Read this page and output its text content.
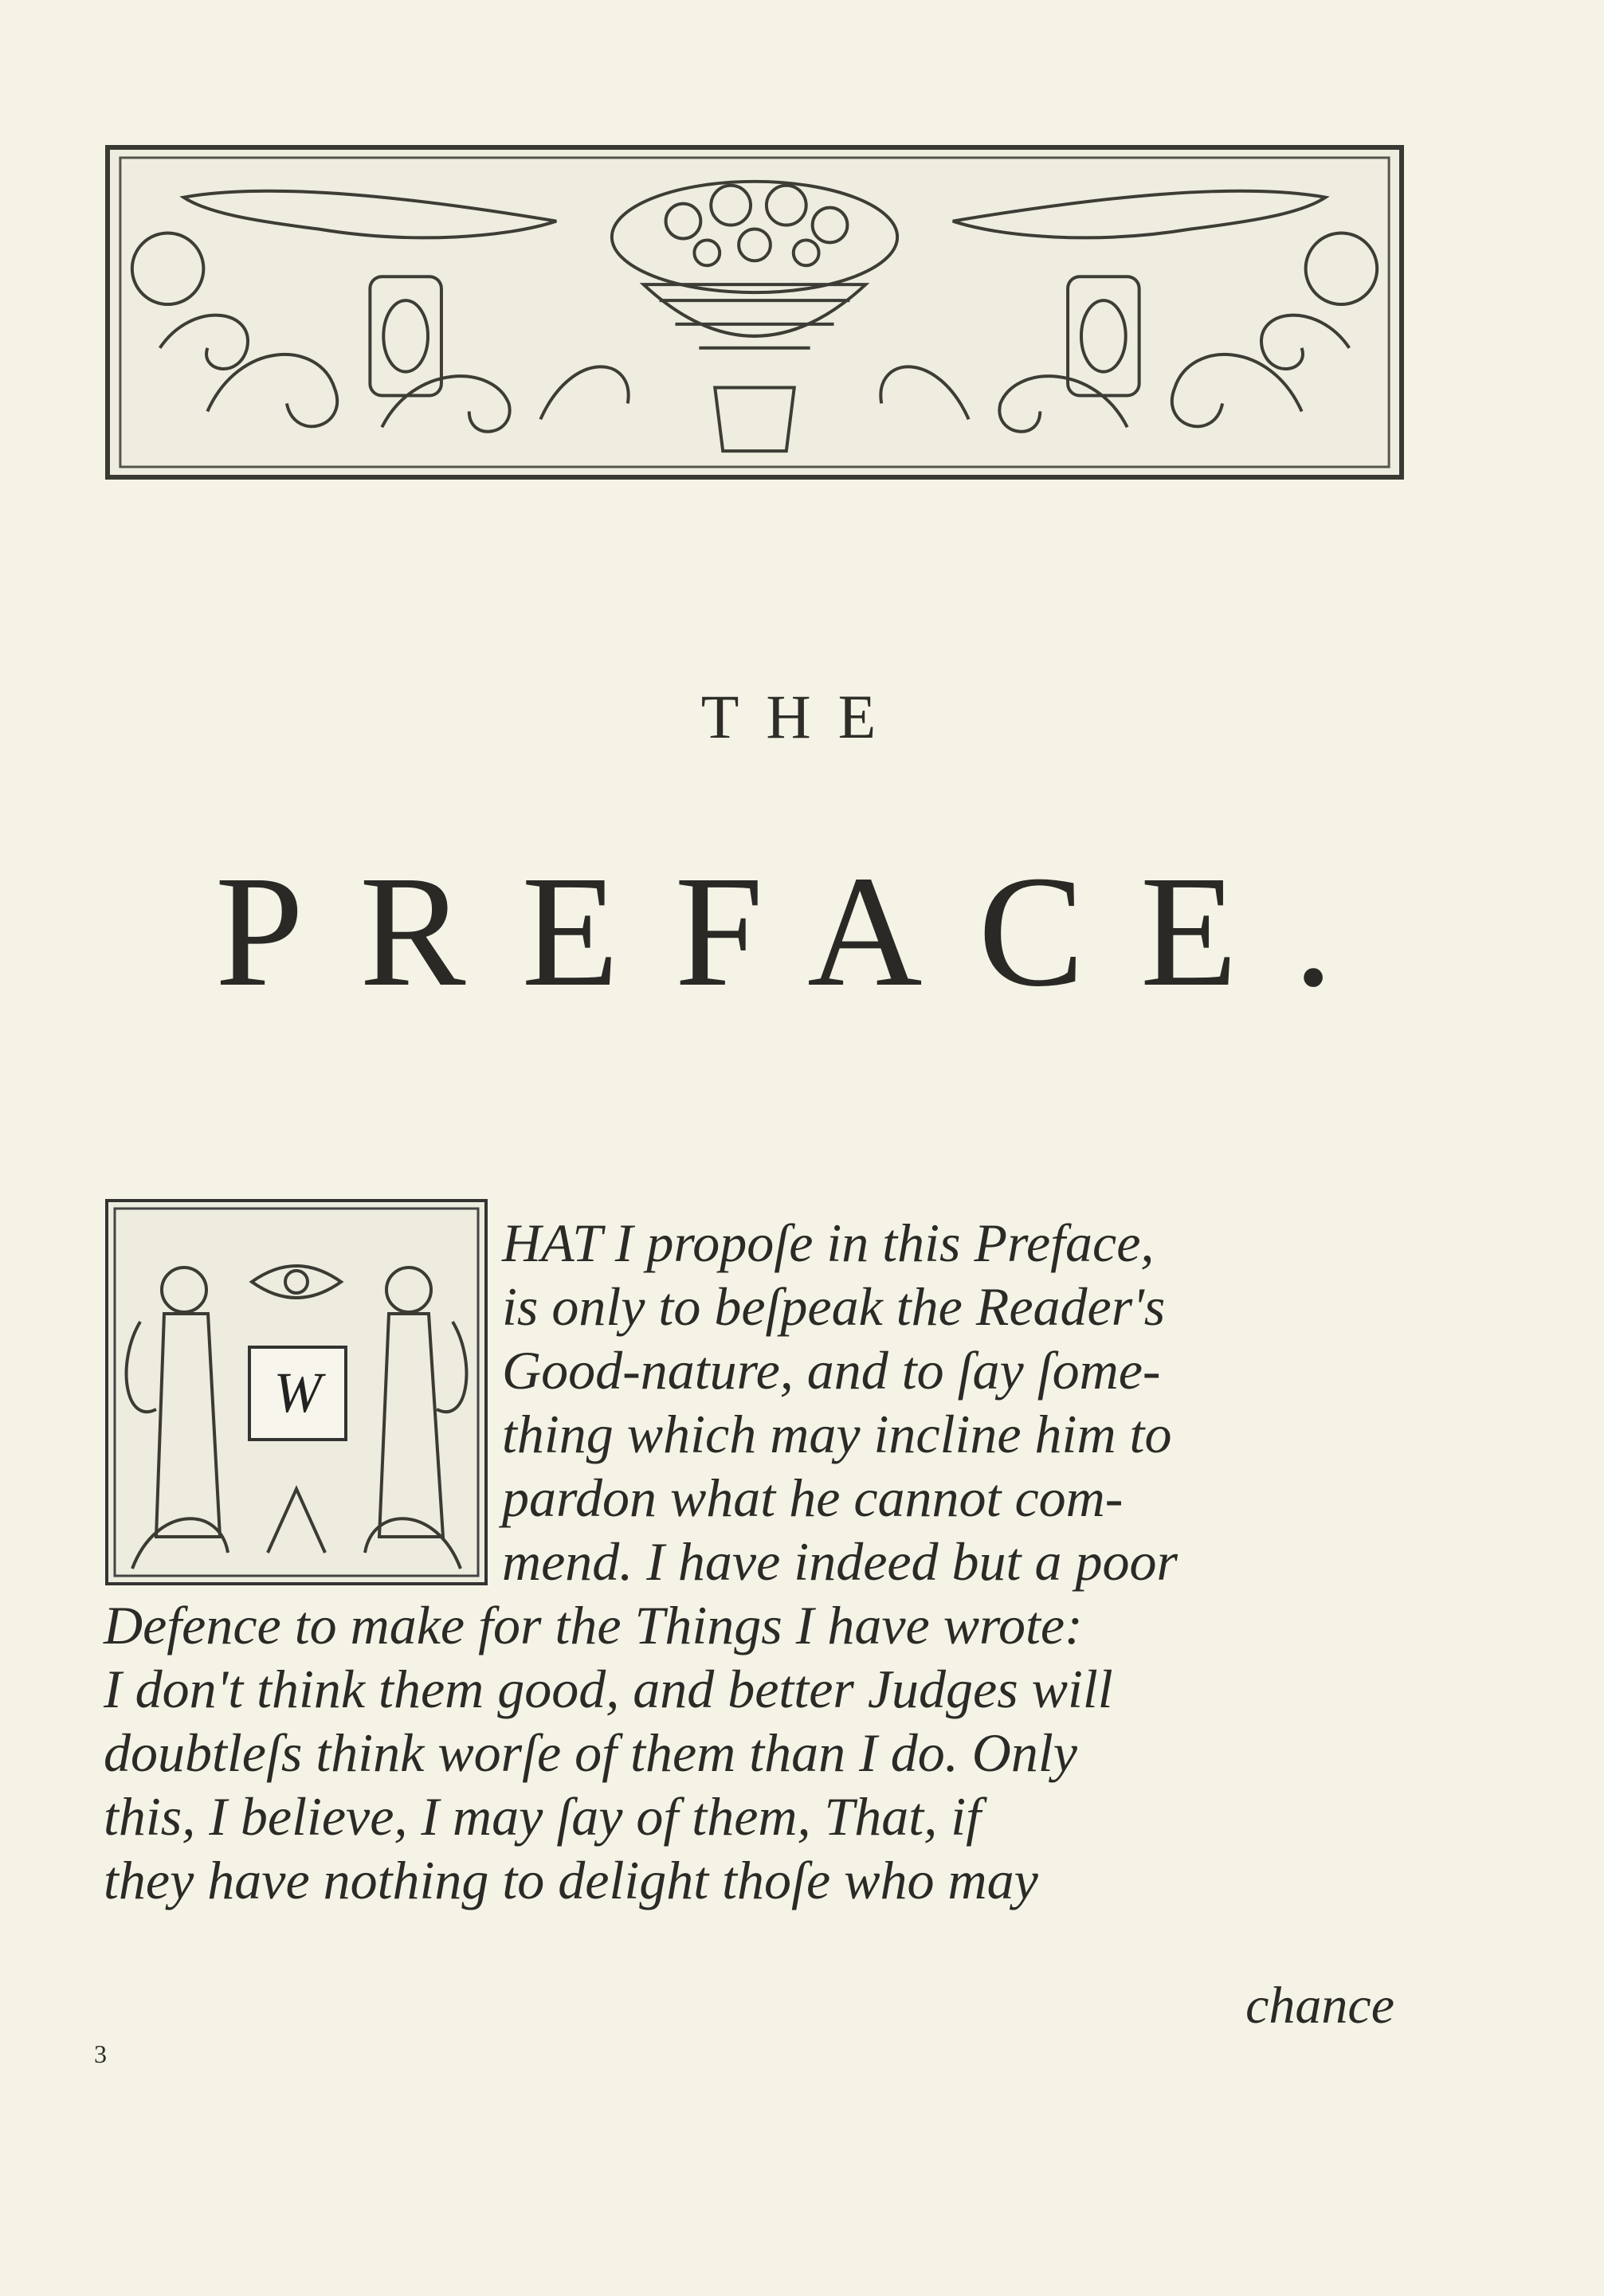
THE
PREFACE.
W
HAT I propoſe in this Preface,
is only to beſpeak the Reader's
Good-nature, and to ſay ſome-
thing which may incline him to
pardon what he cannot com-
mend. I have indeed but a poor
Defence to make for the Things I have wrote:
I don't think them good, and better Judges will
doubtleſs think worſe of them than I do. Only
this, I believe, I may ſay of them, That, if
they have nothing to delight thoſe who may
chance
3
